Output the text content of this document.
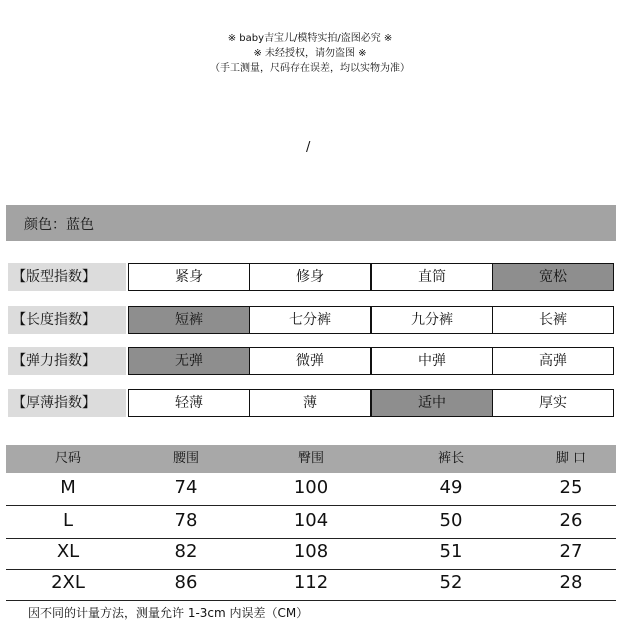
※ baby吉宝儿/模特实拍/盗图必究 ※
※ 未经授权，请勿盗图 ※
（手工测量，尺码存在误差，均以实物为准）
/
颜色：蓝色
【版型指数】	紧身	修身	直筒	宽松
【长度指数】	短裤	七分裤	九分裤	长裤
【弹力指数】	无弹	微弹	中弹	高弹
【厚薄指数】	轻薄	薄	适中	厚实
尺码	腰围	臀围	裤长	脚 口
M	74	100	49	25
L	78	104	50	26
XL	82	108	51	27
2XL	86	112	52	28
因不同的计量方法，测量允许 1-3cm 内误差（CM）
